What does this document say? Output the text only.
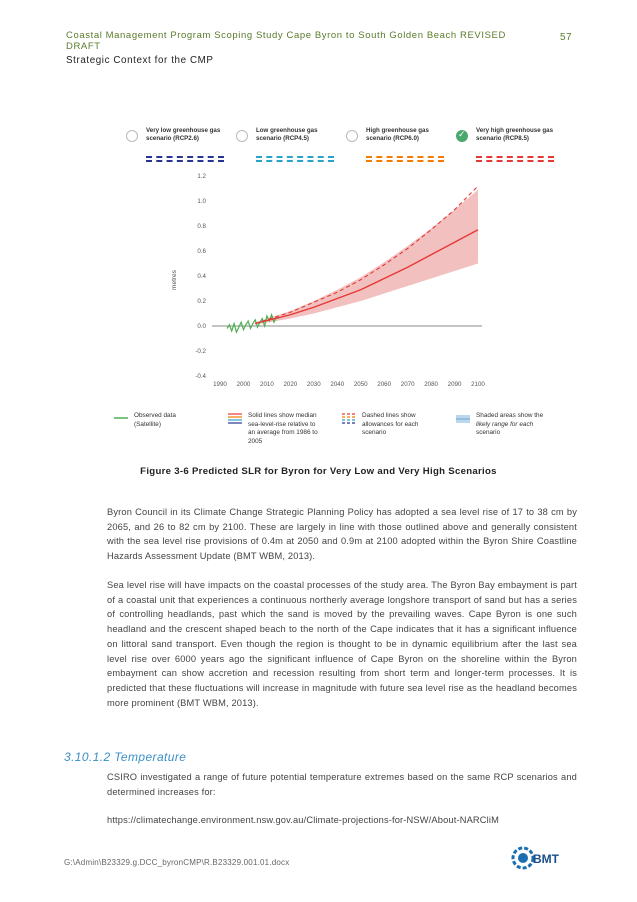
Coastal Management Program Scoping Study Cape Byron to South Golden Beach REVISED DRAFT
57
Strategic Context for the CMP
Very low greenhouse gas
scenario (RCP2.6)
Low greenhouse gas
scenario (RCP4.5)
High greenhouse gas
scenario (RCP6.0)
✓
Very high greenhouse gas
scenario (RCP8.5)
1.2
1.0
0.8
0.6
0.4
0.2
0.0
-0.2
-0.4
1990 2000 2010 2020 2030 2040 2050 2060 2070 2080 2090 2100
metres
Observed data
(Satellite)
Solid lines show median
sea-level-rise relative to
an average from 1986 to
2005
Dashed lines show
allowances for each
scenario
Shaded areas show the
likely range for each
scenario
Figure 3-6 Predicted SLR for Byron for Very Low and Very High Scenarios
Byron Council in its Climate Change Strategic Planning Policy has adopted a sea level rise of 17 to 38 cm by 2065, and 26 to 82 cm by 2100. These are largely in line with those outlined above and generally consistent with the sea level rise provisions of 0.4m at 2050 and 0.9m at 2100 adopted within the Byron Shire Coastline Hazards Assessment Update (BMT WBM, 2013).
Sea level rise will have impacts on the coastal processes of the study area. The Byron Bay embayment is part of a coastal unit that experiences a continuous northerly average longshore transport of sand but has a series of controlling headlands, past which the sand is moved by the prevailing waves. Cape Byron is one such headland and the crescent shaped beach to the north of the Cape indicates that it has a significant influence on littoral sand transport. Even though the region is thought to be in dynamic equilibrium after the last sea level rise over 6000 years ago the significant influence of Cape Byron on the shoreline within the Byron embayment can show accretion and recession resulting from short term and longer-term processes. It is predicted that these fluctuations will increase in magnitude with future sea level rise as the headland becomes more prominent (BMT WBM, 2013).
3.10.1.2 Temperature
CSIRO investigated a range of future potential temperature extremes based on the same RCP scenarios and determined increases for:
https://climatechange.environment.nsw.gov.au/Climate-projections-for-NSW/About-NARCliM
G:\Admin\B23329.g.DCC_byronCMP\R.B23329.001.01.docx	BMT
